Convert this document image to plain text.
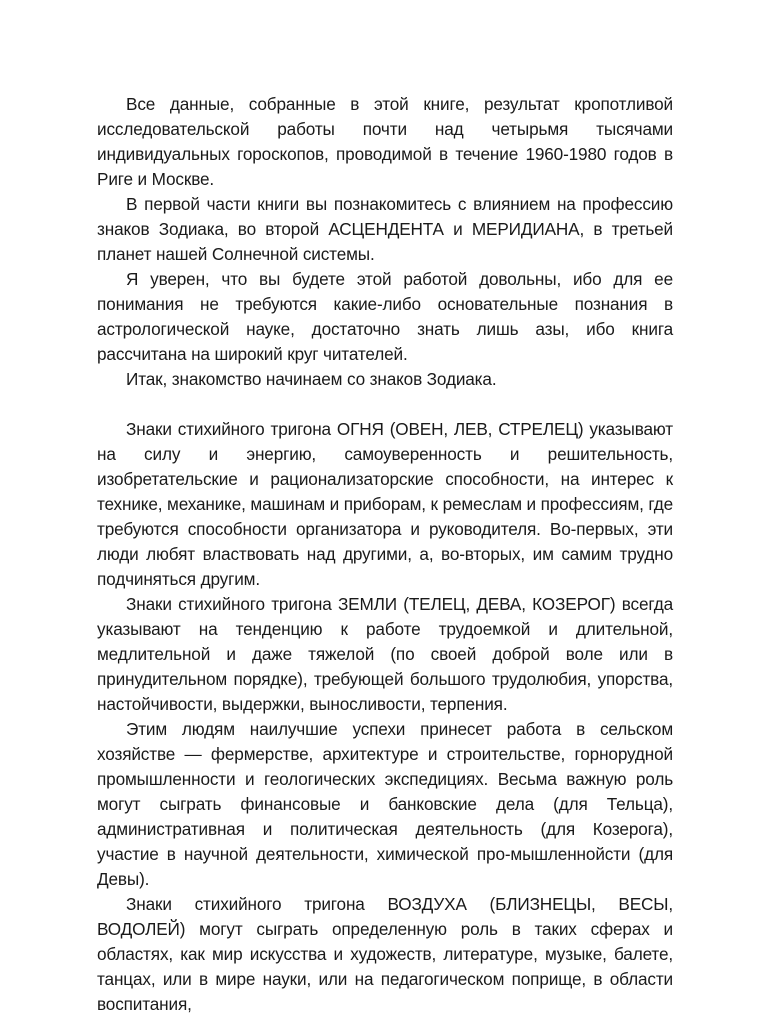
Все данные, собранные в этой книге, результат кропотливой исследовательской работы почти над четырьмя тысячами индивидуальных гороскопов, проводимой в течение 1960-1980 годов в Риге и Москве.

В первой части книги вы познакомитесь с влиянием на профессию знаков Зодиака, во второй АСЦЕНДЕНТА и МЕРИДИАНА, в третьей планет нашей Солнечной системы.

Я уверен, что вы будете этой работой довольны, ибо для ее понимания не требуются какие-либо основательные познания в астрологической науке, достаточно знать лишь азы, ибо книга рассчитана на широкий круг читателей.

Итак, знакомство начинаем со знаков Зодиака.

Знаки стихийного тригона ОГНЯ (ОВЕН, ЛЕВ, СТРЕЛЕЦ) указывают на силу и энергию, самоуверенность и решительность, изобретательские и рационализаторские способности, на интерес к технике, механике, машинам и приборам, к ремеслам и профессиям, где требуются способности организатора и руководителя. Во-первых, эти люди любят властвовать над другими, а, во-вторых, им самим трудно подчиняться другим.

Знаки стихийного тригона ЗЕМЛИ (ТЕЛЕЦ, ДЕВА, КОЗЕРОГ) всегда указывают на тенденцию к работе трудоемкой и длительной, медлительной и даже тяжелой (по своей доброй воле или в принудительном порядке), требующей большого трудолюбия, упорства, настойчивости, выдержки, выносливости, терпения.

Этим людям наилучшие успехи принесет работа в сельском хозяйстве — фермерстве, архитектуре и строительстве, горнорудной промышленности и геологических экспедициях. Весьма важную роль могут сыграть финансовые и банковские дела (для Тельца), административная и политическая деятельность (для Козерога), участие в научной деятельности, химической про-мышленнойсти (для Девы).

Знаки стихийного тригона ВОЗДУХА (БЛИЗНЕЦЫ, ВЕСЫ, ВОДОЛЕЙ) могут сыграть определенную роль в таких сферах и областях, как мир искусства и художеств, литературе, музыке, балете, танцах, или в мире науки, или на педагогическом поприще, в области воспитания,
